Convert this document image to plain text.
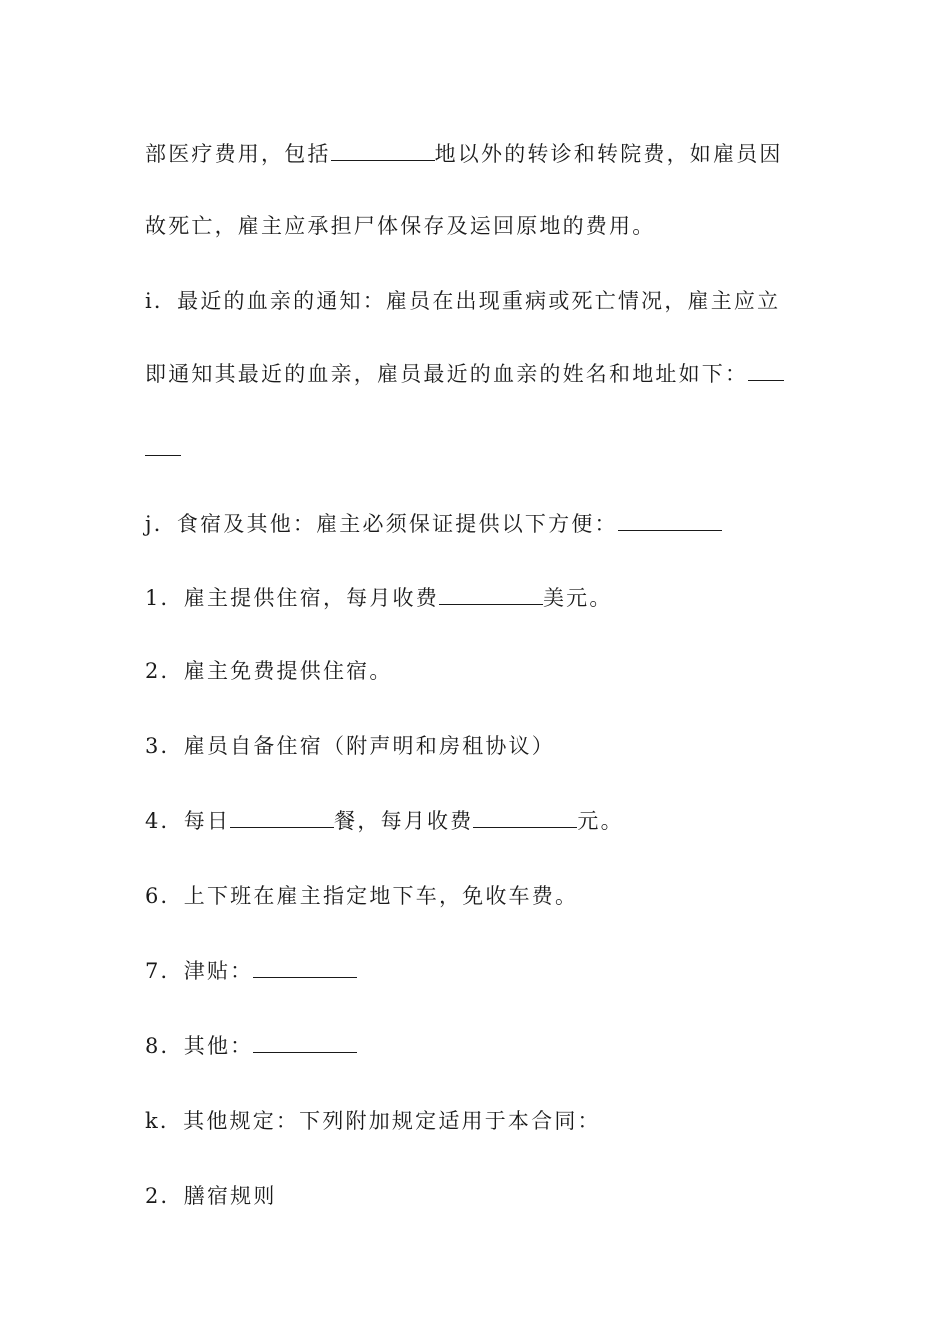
部医疗费用，包括	地以外的转诊和转院费，如雇员因
故死亡，雇主应承担尸体保存及运回原地的费用。
i．最近的血亲的通知：雇员在出现重病或死亡情况，雇主应立
即通知其最近的血亲，雇员最近的血亲的姓名和地址如下：
j．食宿及其他：雇主必须保证提供以下方便：
1．雇主提供住宿，每月收费	美元。
2．雇主免费提供住宿。
3．雇员自备住宿（附声明和房租协议）
4．每日	餐，每月收费	元。
6．上下班在雇主指定地下车，免收车费。
7．津贴：
8．其他：
k．其他规定：下列附加规定适用于本合同：
2．膳宿规则
